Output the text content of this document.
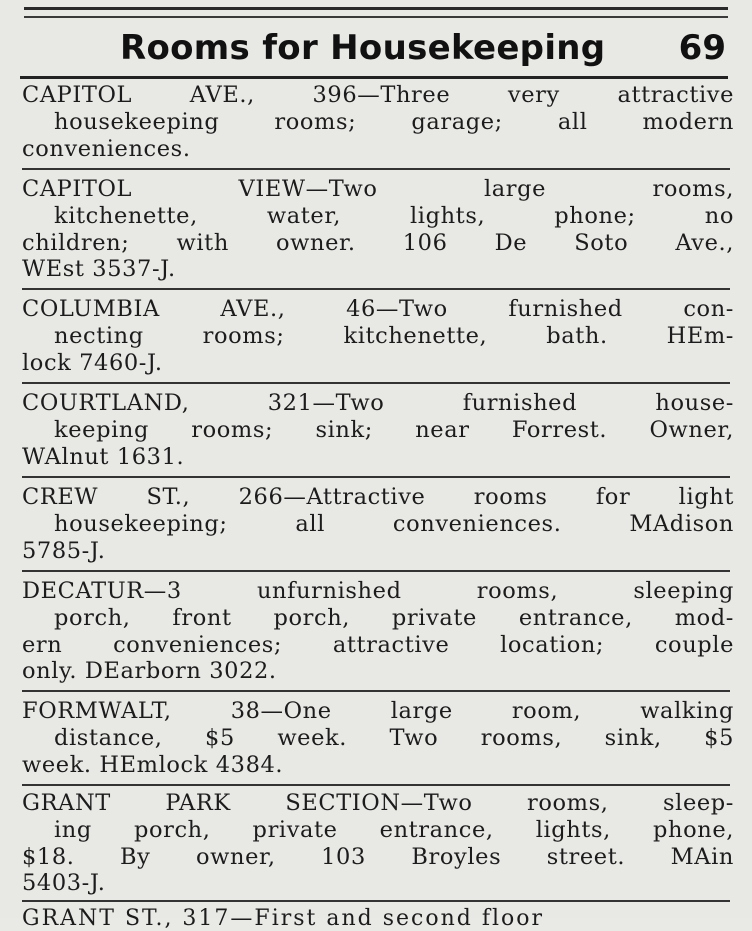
Rooms for Housekeeping 69
CAPITOL AVE., 396—Three very attractive
housekeeping rooms; garage; all modern
conveniences.
CAPITOL VIEW—Two large rooms,
kitchenette, water, lights, phone; no
children; with owner. 106 De Soto Ave.,
WEst 3537-J.
COLUMBIA AVE., 46—Two furnished con-
necting rooms; kitchenette, bath. HEm-
lock 7460-J.
COURTLAND, 321—Two furnished house-
keeping rooms; sink; near Forrest. Owner,
WAlnut 1631.
CREW ST., 266—Attractive rooms for light
housekeeping; all conveniences. MAdison
5785-J.
DECATUR—3 unfurnished rooms, sleeping
porch, front porch, private entrance, mod-
ern conveniences; attractive location; couple
only. DEarborn 3022.
FORMWALT, 38—One large room, walking
distance, $5 week. Two rooms, sink, $5
week. HEmlock 4384.
GRANT PARK SECTION—Two rooms, sleep-
ing porch, private entrance, lights, phone,
$18. By owner, 103 Broyles street. MAin
5403-J.
GRANT ST., 317—First and second floor
